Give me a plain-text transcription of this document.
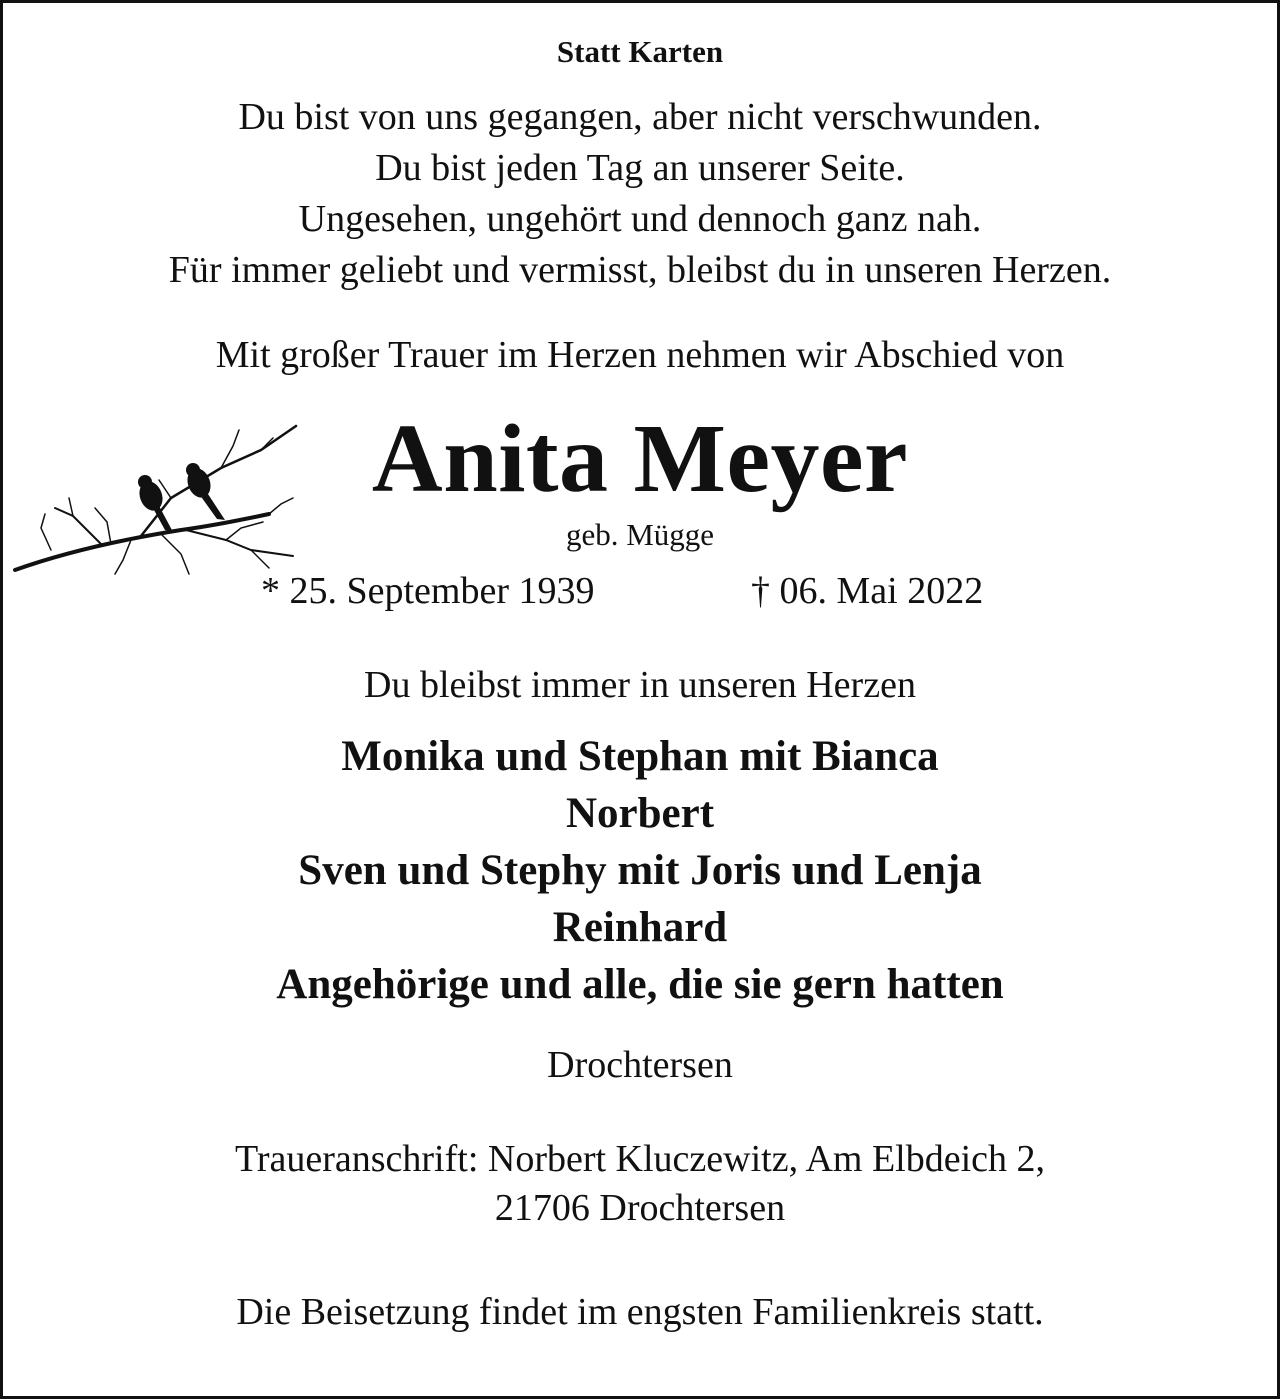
Statt Karten
Du bist von uns gegangen, aber nicht verschwunden.
Du bist jeden Tag an unserer Seite.
Ungesehen, ungehört und dennoch ganz nah.
Für immer geliebt und vermisst, bleibst du in unseren Herzen.
Mit großer Trauer im Herzen nehmen wir Abschied von
Anita Meyer
geb. Mügge
* 25. September 1939	† 06. Mai 2022
Du bleibst immer in unseren Herzen
Monika und Stephan mit Bianca
Norbert
Sven und Stephy mit Joris und Lenja
Reinhard
Angehörige und alle, die sie gern hatten
Drochtersen
Traueranschrift: Norbert Kluczewitz, Am Elbdeich 2,
21706 Drochtersen
Die Beisetzung findet im engsten Familienkreis statt.
